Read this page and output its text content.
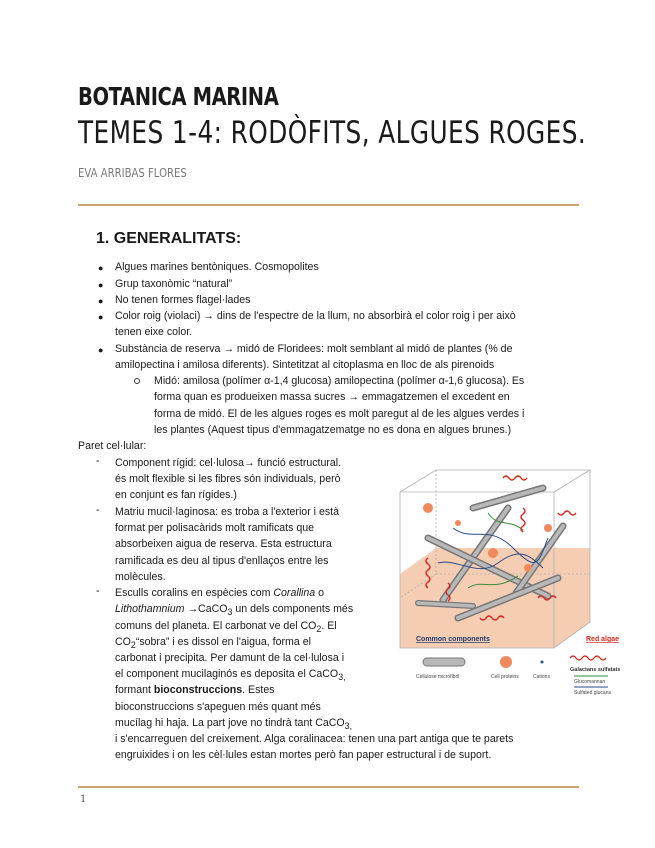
BOTANICA MARINA
TEMES 1-4: RODÒFITS, ALGUES ROGES.
EVA ARRIBAS FLORES
1. GENERALITATS:
● Algues marines bentòniques. Cosmopolites
● Grup taxonòmic “natural”
● No tenen formes flagel·lades
● Color roig (violaci) → dins de l'espectre de la llum, no absorbirà el color roig i per això
tenen eixe color.
● Substància de reserva → midó de Floridees: molt semblant al midó de plantes (% de
amilopectina i amilosa diferents). Sintetitzat al citoplasma en lloc de als pirenoids
Midó: amilosa (polímer α-1,4 glucosa) amilopectina (polímer α-1,6 glucosa). Es
forma quan es produeixen massa sucres → emmagatzemen el excedent en
forma de midó. El de les algues roges es molt paregut al de les algues verdes i
les plantes (Aquest tipus d'emmagatzematge no es dona en algues brunes.)
Paret cel·lular:
- Component rígid: cel·lulosa→ funció estructural.
és molt flexible si les fibres són individuals, però
en conjunt es fan rígides.)
- Matriu mucil·laginosa: es troba a l'exterior i està
format per polisacàrids molt ramificats que
absorbeixen aigua de reserva. Esta estructura
ramificada es deu al tipus d'enllaços entre les
molècules.
- Esculls coralins en espècies com Corallina o
Lithothamnium →CaCO$_3$ un dels components més
comuns del planeta. El carbonat ve del $CO_2$. El
$CO_2“sobra$” i es dissol en l'aigua, forma el
carbonat i precipita. Per damunt de la cel·lulosa i
el component mucilaginós es deposita el CaCO$_{3,}$
formant bioconstruccions. Estes
bioconstruccions s'apeguen més quant més
mucílag hi haja. La part jove no tindrà tant CaCO$_{3,}$
i s'encarreguen del creixement. Alga coralinacea: tenen una part antiga que te parets
engruixides i on les cèl·lules estan mortes però fan paper estructural i de suport.
Common components	Red algae
Cellulose microfibril	Cell proteins	Cations
Galactans sulfatats
Glucomannan
Sulfated glucans
1
